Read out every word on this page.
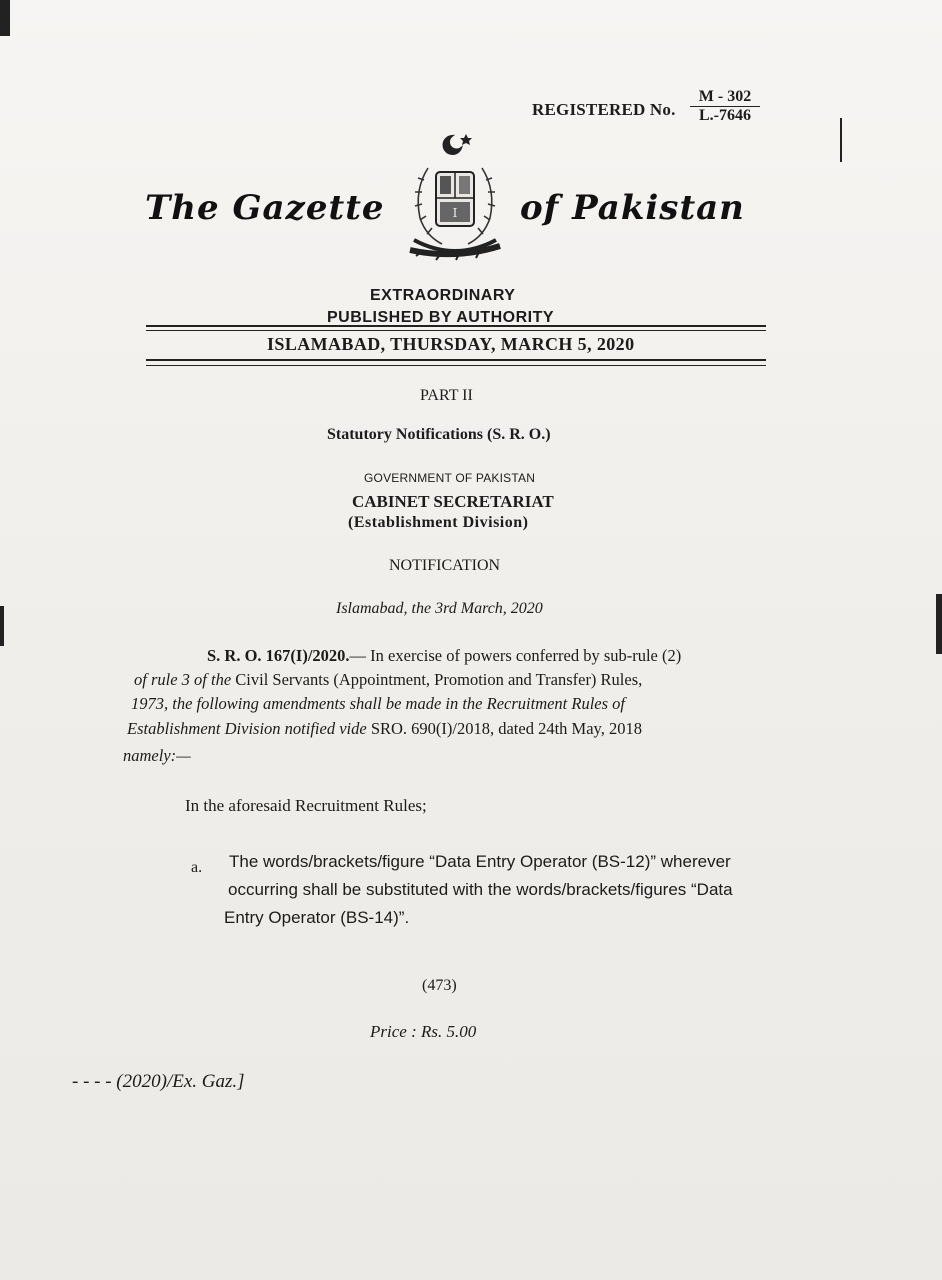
REGISTERED No. $\frac{M - 302}{L.-7646}$
The Gazette	I of Pakistan
EXTRAORDINARY
PUBLISHED BY AUTHORITY
ISLAMABAD, THURSDAY, MARCH 5, 2020
PART II
Statutory Notifications (S. R. O.)
GOVERNMENT OF PAKISTAN
CABINET SECRETARIAT
(Establishment Division)
NOTIFICATION
Islamabad, the 3rd March, 2020
S. R. O. 167(I)/2020.— In exercise of powers conferred by sub-rule (2)
of rule 3 of the Civil Servants (Appointment, Promotion and Transfer) Rules,
1973, the following amendments shall be made in the Recruitment Rules of
Establishment Division notified vide SRO. 690(I)/2018, dated 24th May, 2018
namely:—
In the aforesaid Recruitment Rules;
a. The words/brackets/figure “Data Entry Operator (BS-12)” wherever
occurring shall be substituted with the words/brackets/figures “Data
Entry Operator (BS-14)”.
(473)
Price : Rs. 5.00
- - - - (2020)/Ex. Gaz.]
